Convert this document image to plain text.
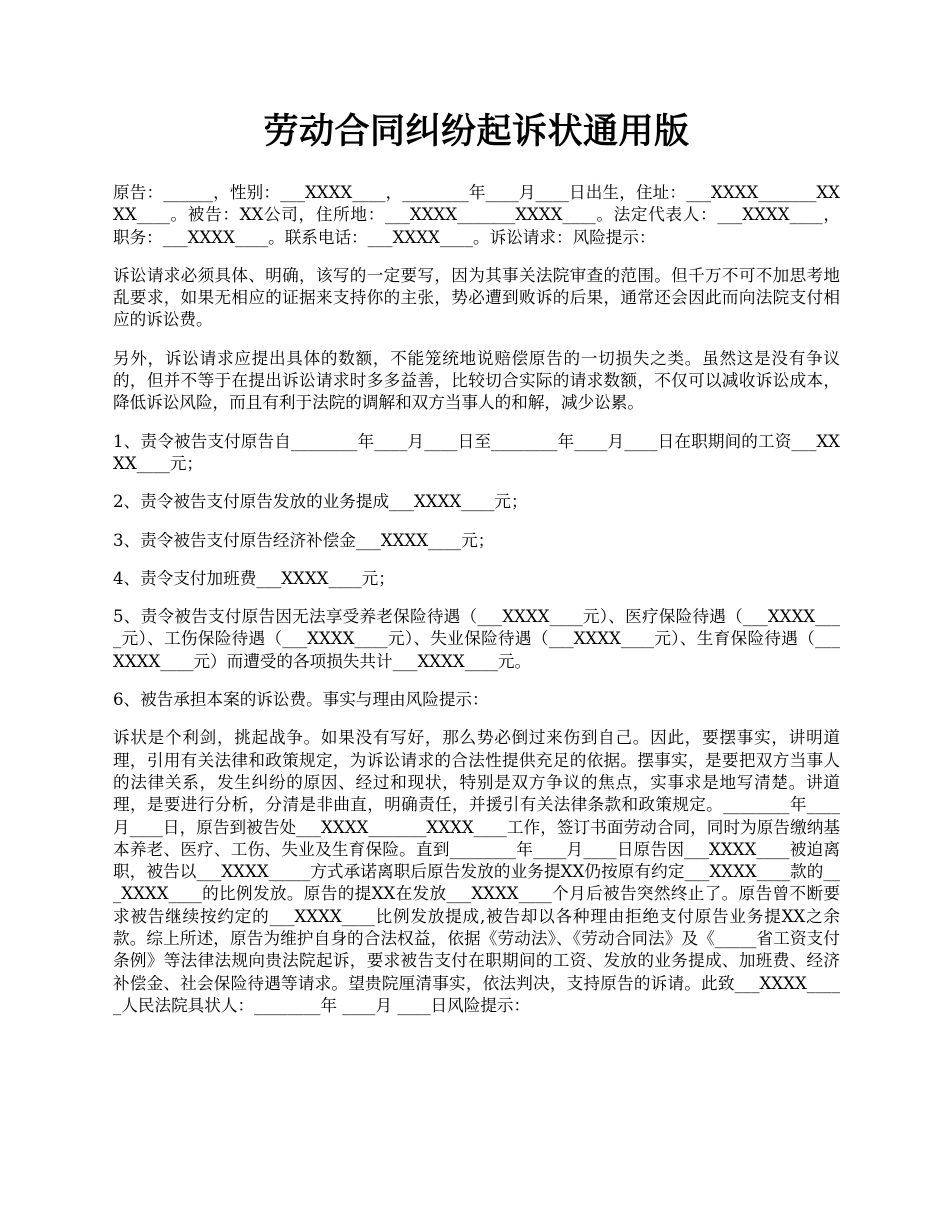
劳动合同纠纷起诉状通用版

原告：______，性别：___XXXX____，________年____月____日出生，住址：___XXXX_______XXXX____。被告：XX公司，住所地：___XXXX_______XXXX____。法定代表人：___XXXX____，职务：___XXXX____。联系电话：___XXXX____。诉讼请求：风险提示：

诉讼请求必须具体、明确，该写的一定要写，因为其事关法院审查的范围。但千万不可不加思考地乱要求，如果无相应的证据来支持你的主张，势必遭到败诉的后果，通常还会因此而向法院支付相应的诉讼费。

另外，诉讼请求应提出具体的数额，不能笼统地说赔偿原告的一切损失之类。虽然这是没有争议的，但并不等于在提出诉讼请求时多多益善，比较切合实际的请求数额，不仅可以减收诉讼成本，降低诉讼风险，而且有利于法院的调解和双方当事人的和解，减少讼累。

1、责令被告支付原告自________年____月____日至________年____月____日在职期间的工资___XXXX____元；

2、责令被告支付原告发放的业务提成___XXXX____元；

3、责令被告支付原告经济补偿金___XXXX____元；

4、责令支付加班费___XXXX____元；

5、责令被告支付原告因无法享受养老保险待遇（___XXXX____元）、医疗保险待遇（___XXXX____元）、工伤保险待遇（___XXXX____元）、失业保险待遇（___XXXX____元）、生育保险待遇（___XXXX____元）而遭受的各项损失共计___XXXX____元。

6、被告承担本案的诉讼费。事实与理由风险提示：

诉状是个利剑，挑起战争。如果没有写好，那么势必倒过来伤到自己。因此，要摆事实，讲明道理，引用有关法律和政策规定，为诉讼请求的合法性提供充足的依据。摆事实，是要把双方当事人的法律关系，发生纠纷的原因、经过和现状，特别是双方争议的焦点，实事求是地写清楚。讲道理，是要进行分析，分清是非曲直，明确责任，并援引有关法律条款和政策规定。________年____月____日，原告到被告处___XXXX_______XXXX____工作，签订书面劳动合同，同时为原告缴纳基本养老、医疗、工伤、失业及生育保险。直到________年____月____日原告因___XXXX____被迫离职，被告以___XXXX_____方式承诺离职后原告发放的业务提XX仍按原有约定___XXXX____款的___XXXX____的比例发放。原告的提XX在发放___XXXX____个月后被告突然终止了。原告曾不断要求被告继续按约定的___XXXX____比例发放提成,被告却以各种理由拒绝支付原告业务提XX之余款。综上所述，原告为维护自身的合法权益，依据《劳动法》、《劳动合同法》及《_____省工资支付条例》等法律法规向贵法院起诉，要求被告支付在职期间的工资、发放的业务提成、加班费、经济补偿金、社会保险待遇等请求。望贵院厘清事实，依法判决，支持原告的诉请。此致___XXXX_____人民法院具状人：________年 ____月 ____日风险提示：
